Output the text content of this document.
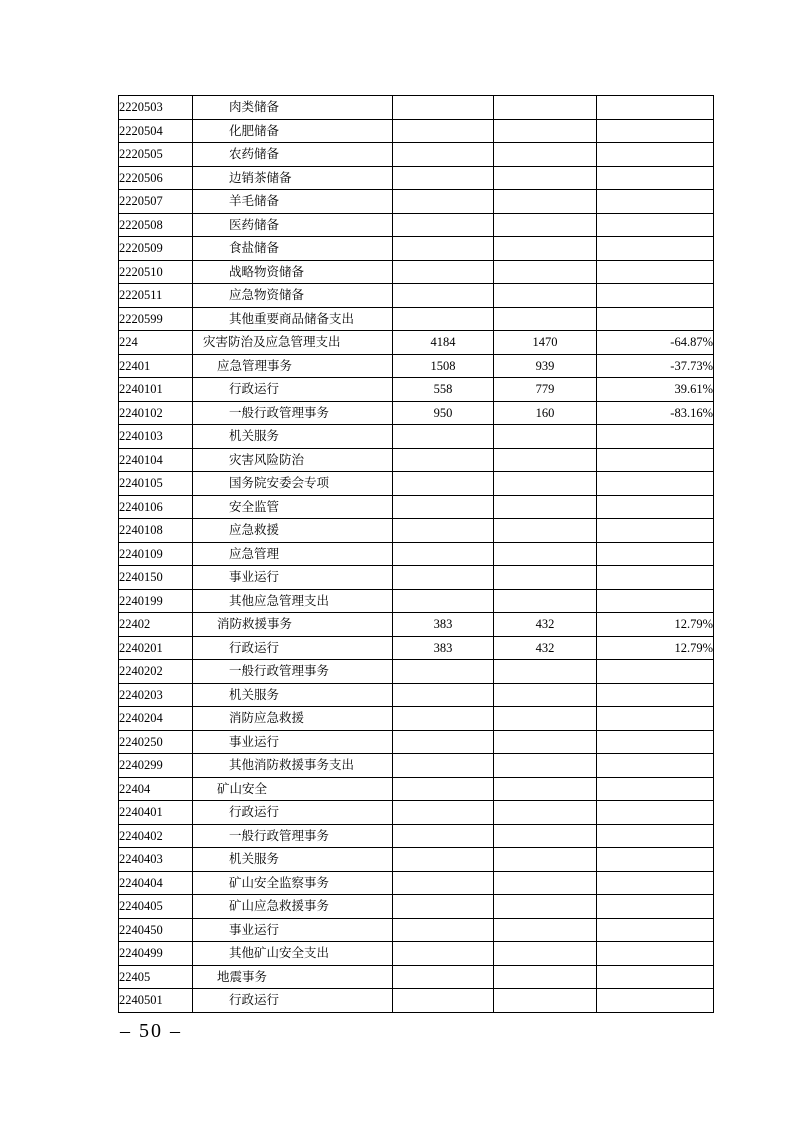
2220503	肉类储备			
2220504	化肥储备			
2220505	农药储备			
2220506	边销茶储备			
2220507	羊毛储备			
2220508	医药储备			
2220509	食盐储备			
2220510	战略物资储备			
2220511	应急物资储备			
2220599	其他重要商品储备支出			
224	灾害防治及应急管理支出	4184	1470	-64.87%
22401	应急管理事务	1508	939	-37.73%
2240101	行政运行	558	779	39.61%
2240102	一般行政管理事务	950	160	-83.16%
2240103	机关服务			
2240104	灾害风险防治			
2240105	国务院安委会专项			
2240106	安全监管			
2240108	应急救援			
2240109	应急管理			
2240150	事业运行			
2240199	其他应急管理支出			
22402	消防救援事务	383	432	12.79%
2240201	行政运行	383	432	12.79%
2240202	一般行政管理事务			
2240203	机关服务			
2240204	消防应急救援			
2240250	事业运行			
2240299	其他消防救援事务支出			
22404	矿山安全			
2240401	行政运行			
2240402	一般行政管理事务			
2240403	机关服务			
2240404	矿山安全监察事务			
2240405	矿山应急救援事务			
2240450	事业运行			
2240499	其他矿山安全支出			
22405	地震事务			
2240501	行政运行			
– 50 –
